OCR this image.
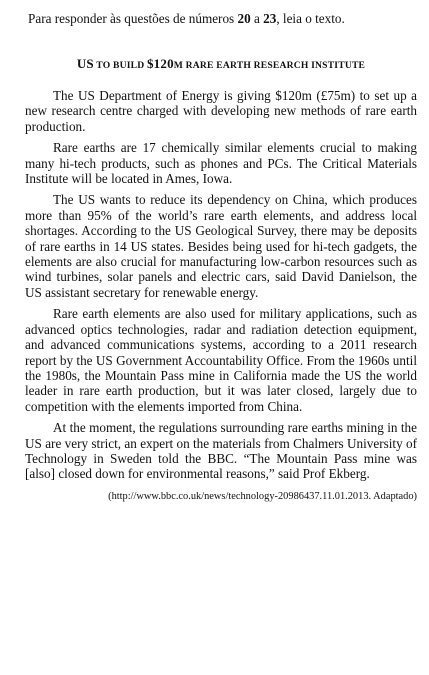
Para responder às questões de números 20 a 23, leia o texto.
US TO BUILD $120M RARE EARTH RESEARCH INSTITUTE

The US Department of Energy is giving $120m (£75m) to set up a new research centre charged with developing new methods of rare earth production.

Rare earths are 17 chemically similar elements crucial to making many hi-tech products, such as phones and PCs. The Critical Materials Institute will be located in Ames, Iowa.

The US wants to reduce its dependency on China, which produces more than 95% of the world’s rare earth elements, and address local shortages. According to the US Geological Survey, there may be deposits of rare earths in 14 US states. Besides being used for hi-tech gadgets, the elements are also crucial for manufacturing low-carbon resources such as wind turbines, solar panels and electric cars, said David Danielson, the US assistant secretary for renewable energy.

Rare earth elements are also used for military applications, such as advanced optics technologies, radar and radiation detection equipment, and advanced communications systems, according to a 2011 research report by the US Government Accountability Office. From the 1960s until the 1980s, the Mountain Pass mine in California made the US the world leader in rare earth production, but it was later closed, largely due to competition with the elements imported from China.

At the moment, the regulations surrounding rare earths mining in the US are very strict, an expert on the materials from Chalmers University of Technology in Sweden told the BBC. “The Mountain Pass mine was [also] closed down for environmental reasons,” said Prof Ekberg.

(http://www.bbc.co.uk/news/technology-20986437.11.01.2013. Adaptado)
